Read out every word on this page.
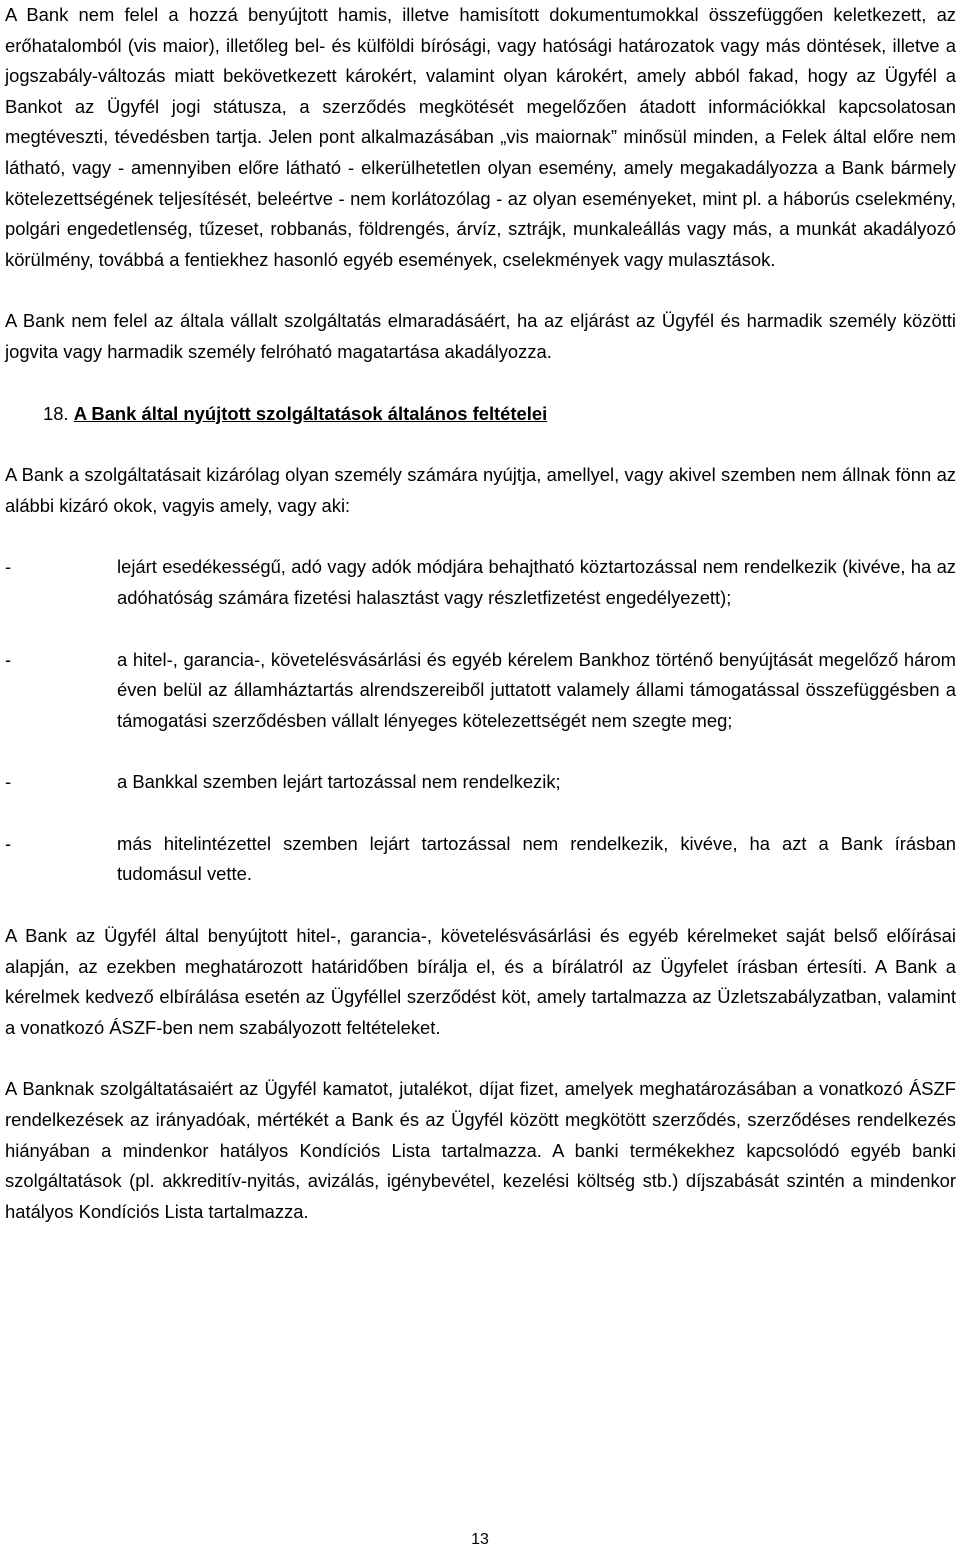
A Bank nem felel a hozzá benyújtott hamis, illetve hamisított dokumentumokkal összefüggően keletkezett, az erőhatalomból (vis maior), illetőleg bel- és külföldi bírósági, vagy hatósági határozatok vagy más döntések, illetve a jogszabály-változás miatt bekövetkezett károkért, valamint olyan károkért, amely abból fakad, hogy az Ügyfél a Bankot az Ügyfél jogi státusza, a szerződés megkötését megelőzően átadott információkkal kapcsolatosan megtéveszti, tévedésben tartja. Jelen pont alkalmazásában „vis maiornak” minősül minden, a Felek által előre nem látható, vagy - amennyiben előre látható - elkerülhetetlen olyan esemény, amely megakadályozza a Bank bármely kötelezettségének teljesítését, beleértve - nem korlátozólag - az olyan eseményeket, mint pl. a háborús cselekmény, polgári engedetlenség, tűzeset, robbanás, földrengés, árvíz, sztrájk, munkaleállás vagy más, a munkát akadályozó körülmény, továbbá a fentiekhez hasonló egyéb események, cselekmények vagy mulasztások.

A Bank nem felel az általa vállalt szolgáltatás elmaradásáért, ha az eljárást az Ügyfél és harmadik személy közötti jogvita vagy harmadik személy felróható magatartása akadályozza.

18. A Bank által nyújtott szolgáltatások általános feltételei

A Bank a szolgáltatásait kizárólag olyan személy számára nyújtja, amellyel, vagy akivel szemben nem állnak fönn az alábbi kizáró okok, vagyis amely, vagy aki:

-	lejárt esedékességű, adó vagy adók módjára behajtható köztartozással nem rendelkezik (kivéve, ha az adóhatóság számára fizetési halasztást vagy részletfizetést engedélyezett);
-	a hitel-, garancia-, követelésvásárlási és egyéb kérelem Bankhoz történő benyújtását megelőző három éven belül az államháztartás alrendszereiből juttatott valamely állami támogatással összefüggésben a támogatási szerződésben vállalt lényeges kötelezettségét nem szegte meg;
-	a Bankkal szemben lejárt tartozással nem rendelkezik;
-	más hitelintézettel szemben lejárt tartozással nem rendelkezik, kivéve, ha azt a Bank írásban tudomásul vette.

A Bank az Ügyfél által benyújtott hitel-, garancia-, követelésvásárlási és egyéb kérelmeket saját belső előírásai alapján, az ezekben meghatározott határidőben bírálja el, és a bírálatról az Ügyfelet írásban értesíti. A Bank a kérelmek kedvező elbírálása esetén az Ügyféllel szerződést köt, amely tartalmazza az Üzletszabályzatban, valamint a vonatkozó ÁSZF-ben nem szabályozott feltételeket.

A Banknak szolgáltatásaiért az Ügyfél kamatot, jutalékot, díjat fizet, amelyek meghatározásában a vonatkozó ÁSZF rendelkezések az irányadóak, mértékét a Bank és az Ügyfél között megkötött szerződés, szerződéses rendelkezés hiányában a mindenkor hatályos Kondíciós Lista tartalmazza. A banki termékekhez kapcsolódó egyéb banki szolgáltatások (pl. akkreditív-nyitás, avizálás, igénybevétel, kezelési költség stb.) díjszabását szintén a mindenkor hatályos Kondíciós Lista tartalmazza.

13
